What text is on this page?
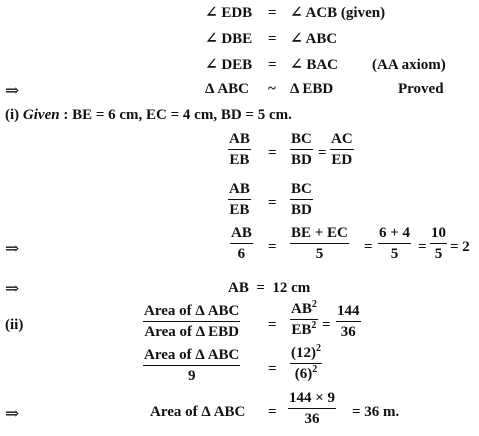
∠ EDB = ∠ ACB (given)
∠ DBE = ∠ ABC
∠ DEB = ∠ BAC (AA axiom)
⇒	Δ ABC ~ Δ EBD	Proved
(i) Given : BE = 6 cm, EC = 4 cm, BD = 5 cm.
AB
EB =
BC
BD =
AC
ED
AB
EB =
BC
BD
⇒
AB
6 =
BE + EC
5	=
6 + 4
5 =
10
5 = 2
⇒	AB  =  12 cm
(ii)
Area of Δ ABC
Area of Δ EBD =
$AB^2$
$EB^2$ =
144
36
Area of Δ ABC
9	=
$(12)^2$
$(6)^2$
⇒	Area of Δ ABC =
144 × 9
36 = 36 m.
